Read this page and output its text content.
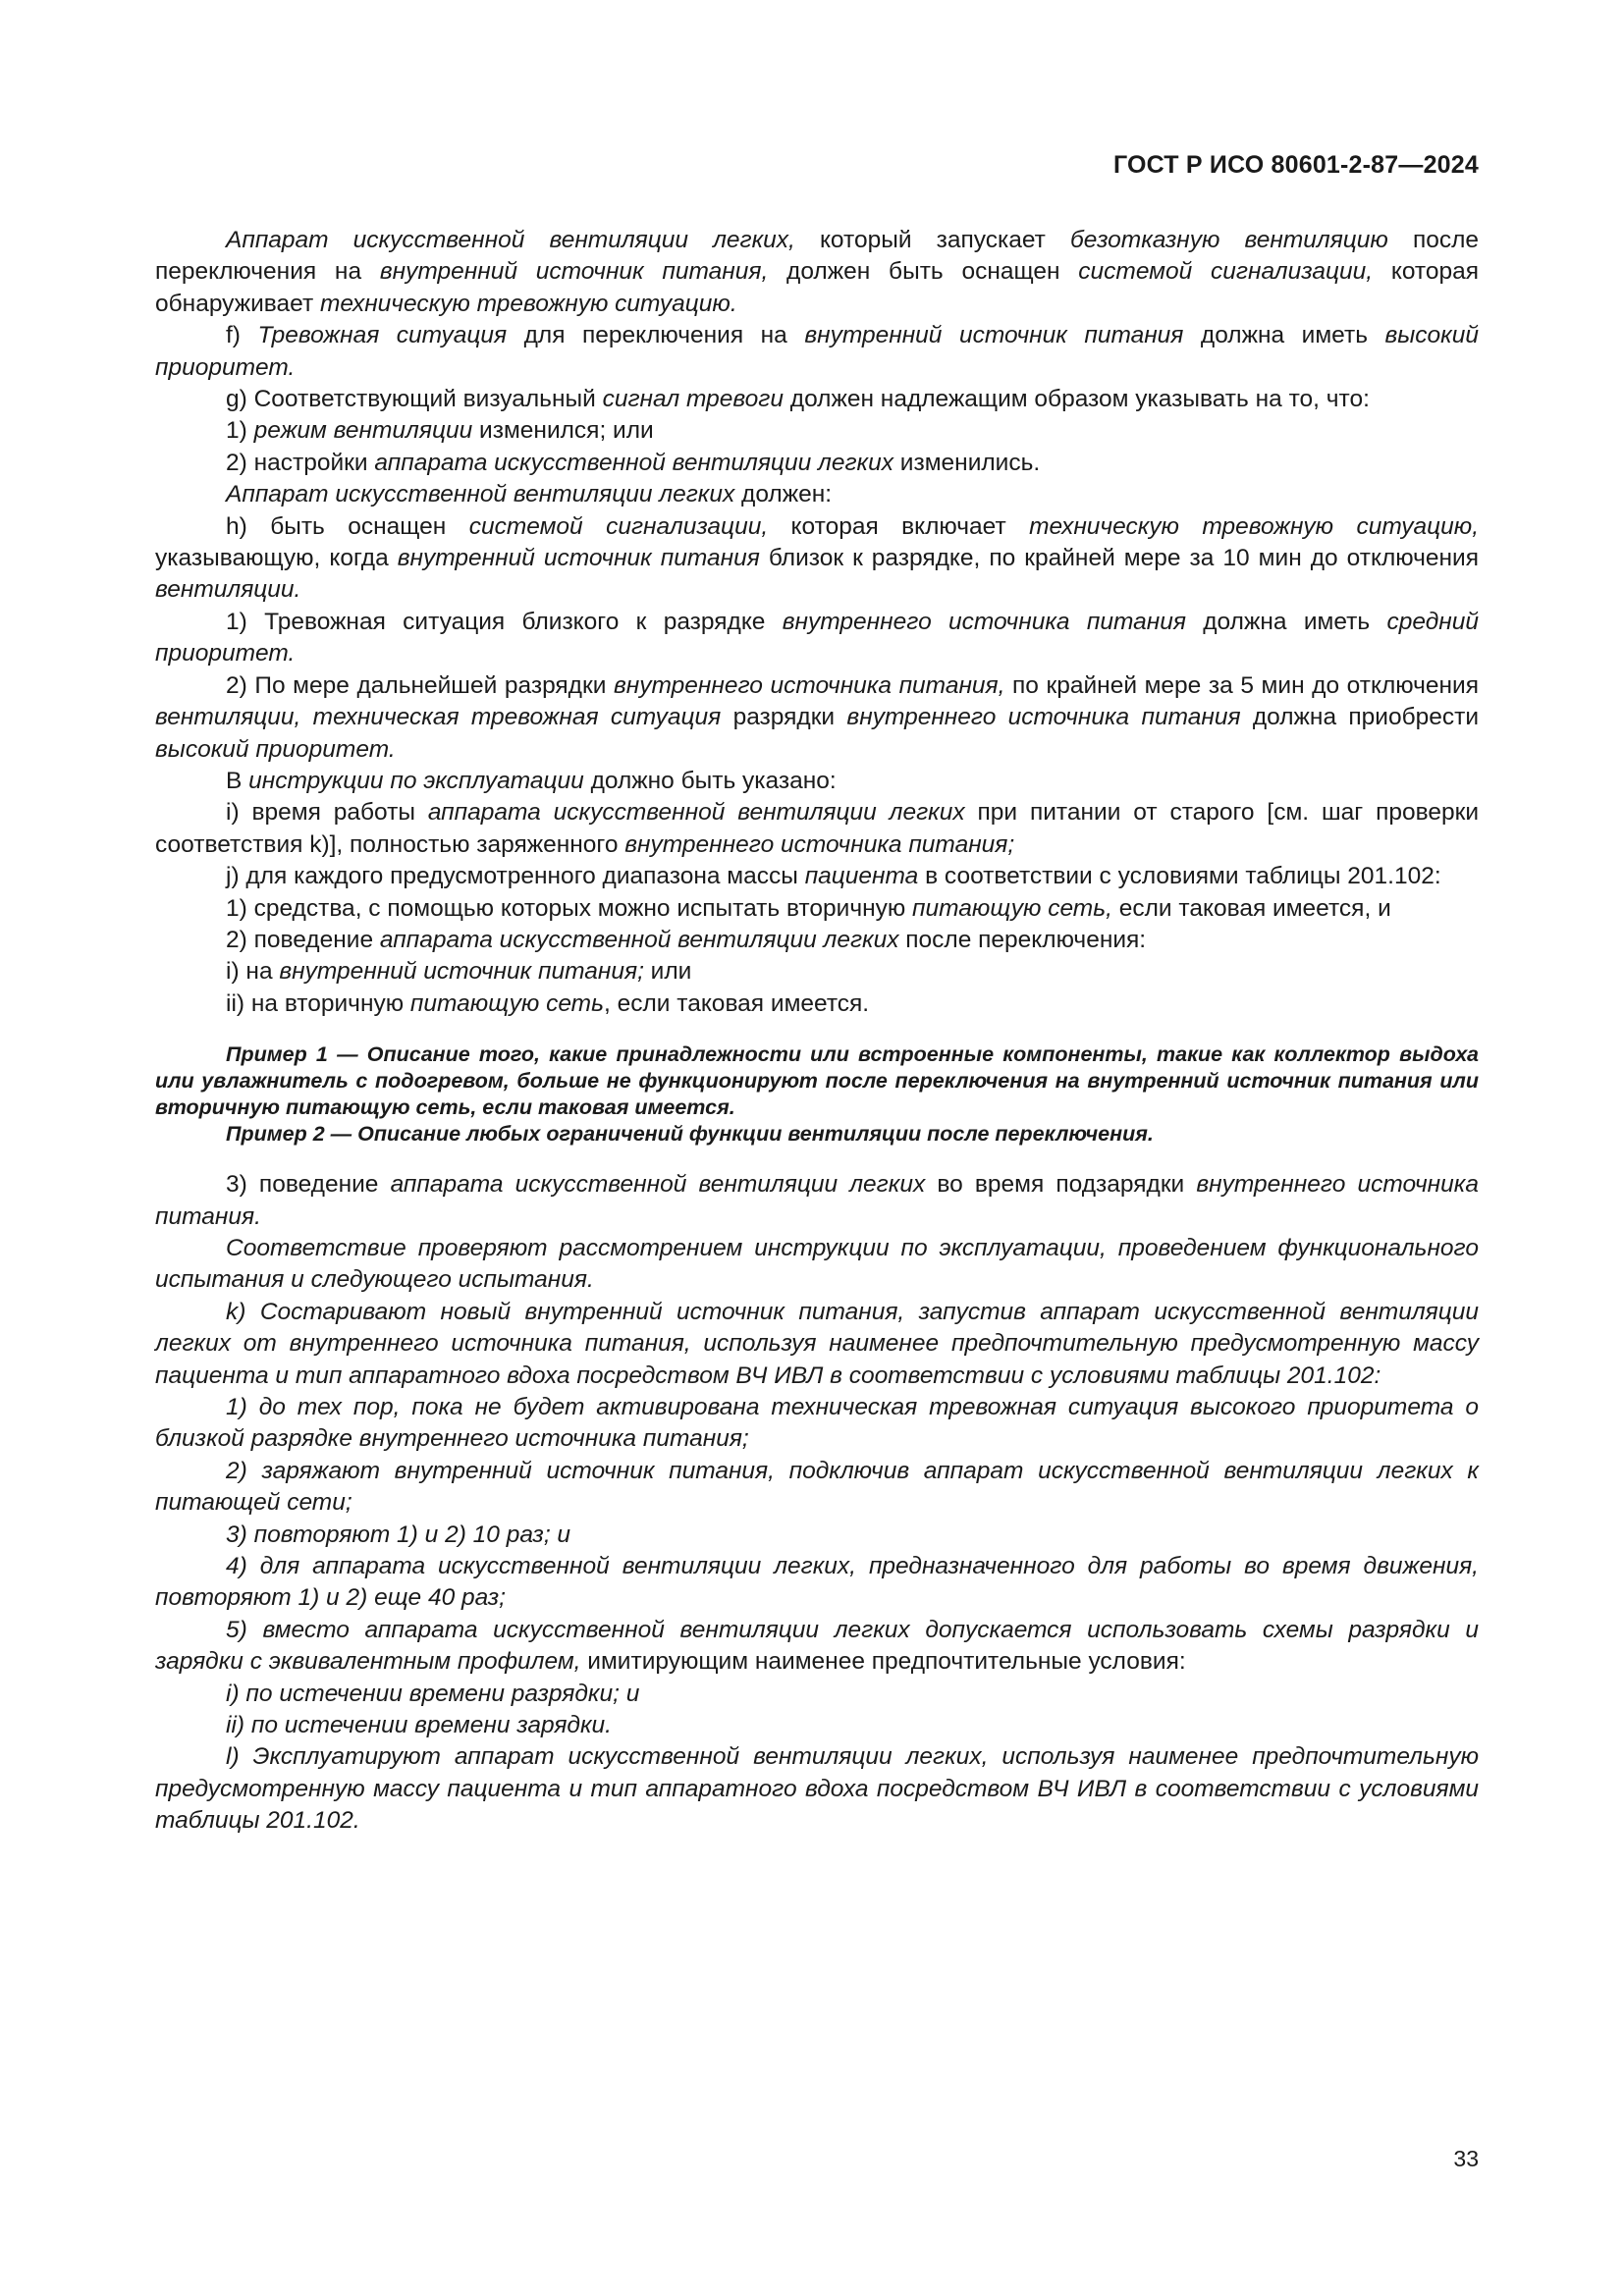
ГОСТ Р ИСО 80601-2-87—2024

Аппарат искусственной вентиляции легких, который запускает безотказную вентиляцию после переключения на внутренний источник питания, должен быть оснащен системой сигнализации, которая обнаруживает техническую тревожную ситуацию.

f) Тревожная ситуация для переключения на внутренний источник питания должна иметь высокий приоритет.

g) Соответствующий визуальный сигнал тревоги должен надлежащим образом указывать на то, что:

1) режим вентиляции изменился; или

2) настройки аппарата искусственной вентиляции легких изменились.

Аппарат искусственной вентиляции легких должен:

h) быть оснащен системой сигнализации, которая включает техническую тревожную ситуацию, указывающую, когда внутренний источник питания близок к разрядке, по крайней мере за 10 мин до отключения вентиляции.

1) Тревожная ситуация близкого к разрядке внутреннего источника питания должна иметь средний приоритет.

2) По мере дальнейшей разрядки внутреннего источника питания, по крайней мере за 5 мин до отключения вентиляции, техническая тревожная ситуация разрядки внутреннего источника питания должна приобрести высокий приоритет.

В инструкции по эксплуатации должно быть указано:

i) время работы аппарата искусственной вентиляции легких при питании от старого [см. шаг проверки соответствия k)], полностью заряженного внутреннего источника питания;

j) для каждого предусмотренного диапазона массы пациента в соответствии с условиями таблицы 201.102:

1) средства, с помощью которых можно испытать вторичную питающую сеть, если таковая имеется, и

2) поведение аппарата искусственной вентиляции легких после переключения:

i) на внутренний источник питания; или

ii) на вторичную питающую сеть, если таковая имеется.

Пример 1 — Описание того, какие принадлежности или встроенные компоненты, такие как коллектор выдоха или увлажнитель с подогревом, больше не функционируют после переключения на внутренний источник питания или вторичную питающую сеть, если таковая имеется.

Пример 2 — Описание любых ограничений функции вентиляции после переключения.

3) поведение аппарата искусственной вентиляции легких во время подзарядки внутреннего источника питания.

Соответствие проверяют рассмотрением инструкции по эксплуатации, проведением функционального испытания и следующего испытания.

k) Состаривают новый внутренний источник питания, запустив аппарат искусственной вентиляции легких от внутреннего источника питания, используя наименее предпочтительную предусмотренную массу пациента и тип аппаратного вдоха посредством ВЧ ИВЛ в соответствии с условиями таблицы 201.102:

1) до тех пор, пока не будет активирована техническая тревожная ситуация высокого приоритета о близкой разрядке внутреннего источника питания;

2) заряжают внутренний источник питания, подключив аппарат искусственной вентиляции легких к питающей сети;

3) повторяют 1) и 2) 10 раз; и

4) для аппарата искусственной вентиляции легких, предназначенного для работы во время движения, повторяют 1) и 2) еще 40 раз;

5) вместо аппарата искусственной вентиляции легких допускается использовать схемы разрядки и зарядки с эквивалентным профилем, имитирующим наименее предпочтительные условия:

i) по истечении времени разрядки; и

ii) по истечении времени зарядки.

l) Эксплуатируют аппарат искусственной вентиляции легких, используя наименее предпочтительную предусмотренную массу пациента и тип аппаратного вдоха посредством ВЧ ИВЛ в соответствии с условиями таблицы 201.102.

33
